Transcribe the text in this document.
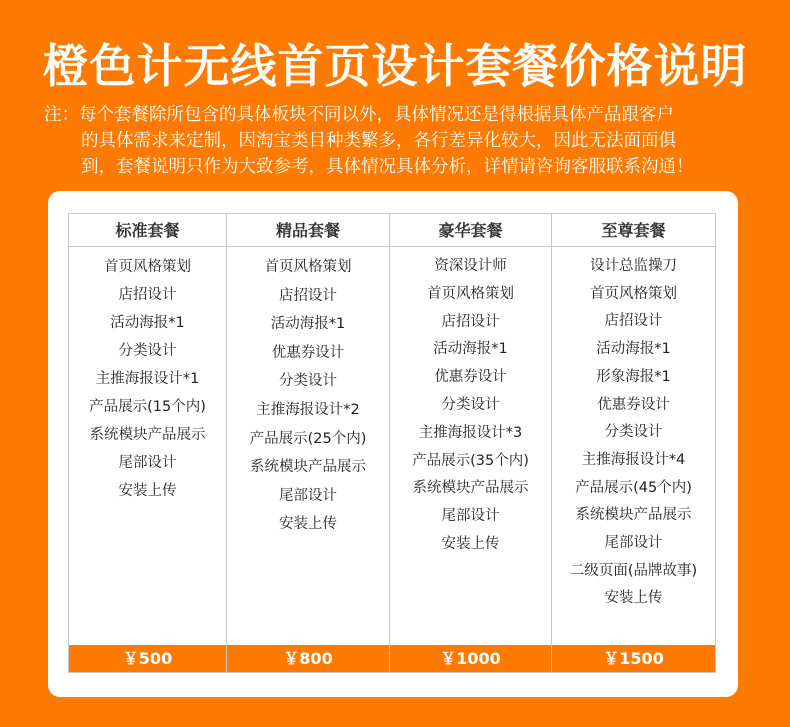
橙色计无线首页设计套餐价格说明
注：每个套餐除所包含的具体板块不同以外，具体情况还是得根据具体产品跟客户
的具体需求来定制，因淘宝类目种类繁多，各行差异化较大，因此无法面面俱
到，套餐说明只作为大致参考，具体情况具体分析，详情请咨询客服联系沟通！
标准套餐
首页风格策划
店招设计
活动海报*1
分类设计
主推海报设计*1
产品展示(15个内)
系统模块产品展示
尾部设计
安装上传
￥500
精品套餐
首页风格策划
店招设计
活动海报*1
优惠券设计
分类设计
主推海报设计*2
产品展示(25个内)
系统模块产品展示
尾部设计
安装上传
￥800
豪华套餐
资深设计师
首页风格策划
店招设计
活动海报*1
优惠券设计
分类设计
主推海报设计*3
产品展示(35个内)
系统模块产品展示
尾部设计
安装上传
￥1000
至尊套餐
设计总监操刀
首页风格策划
店招设计
活动海报*1
形象海报*1
优惠券设计
分类设计
主推海报设计*4
产品展示(45个内)
系统模块产品展示
尾部设计
二级页面(品牌故事)
安装上传
￥1500
